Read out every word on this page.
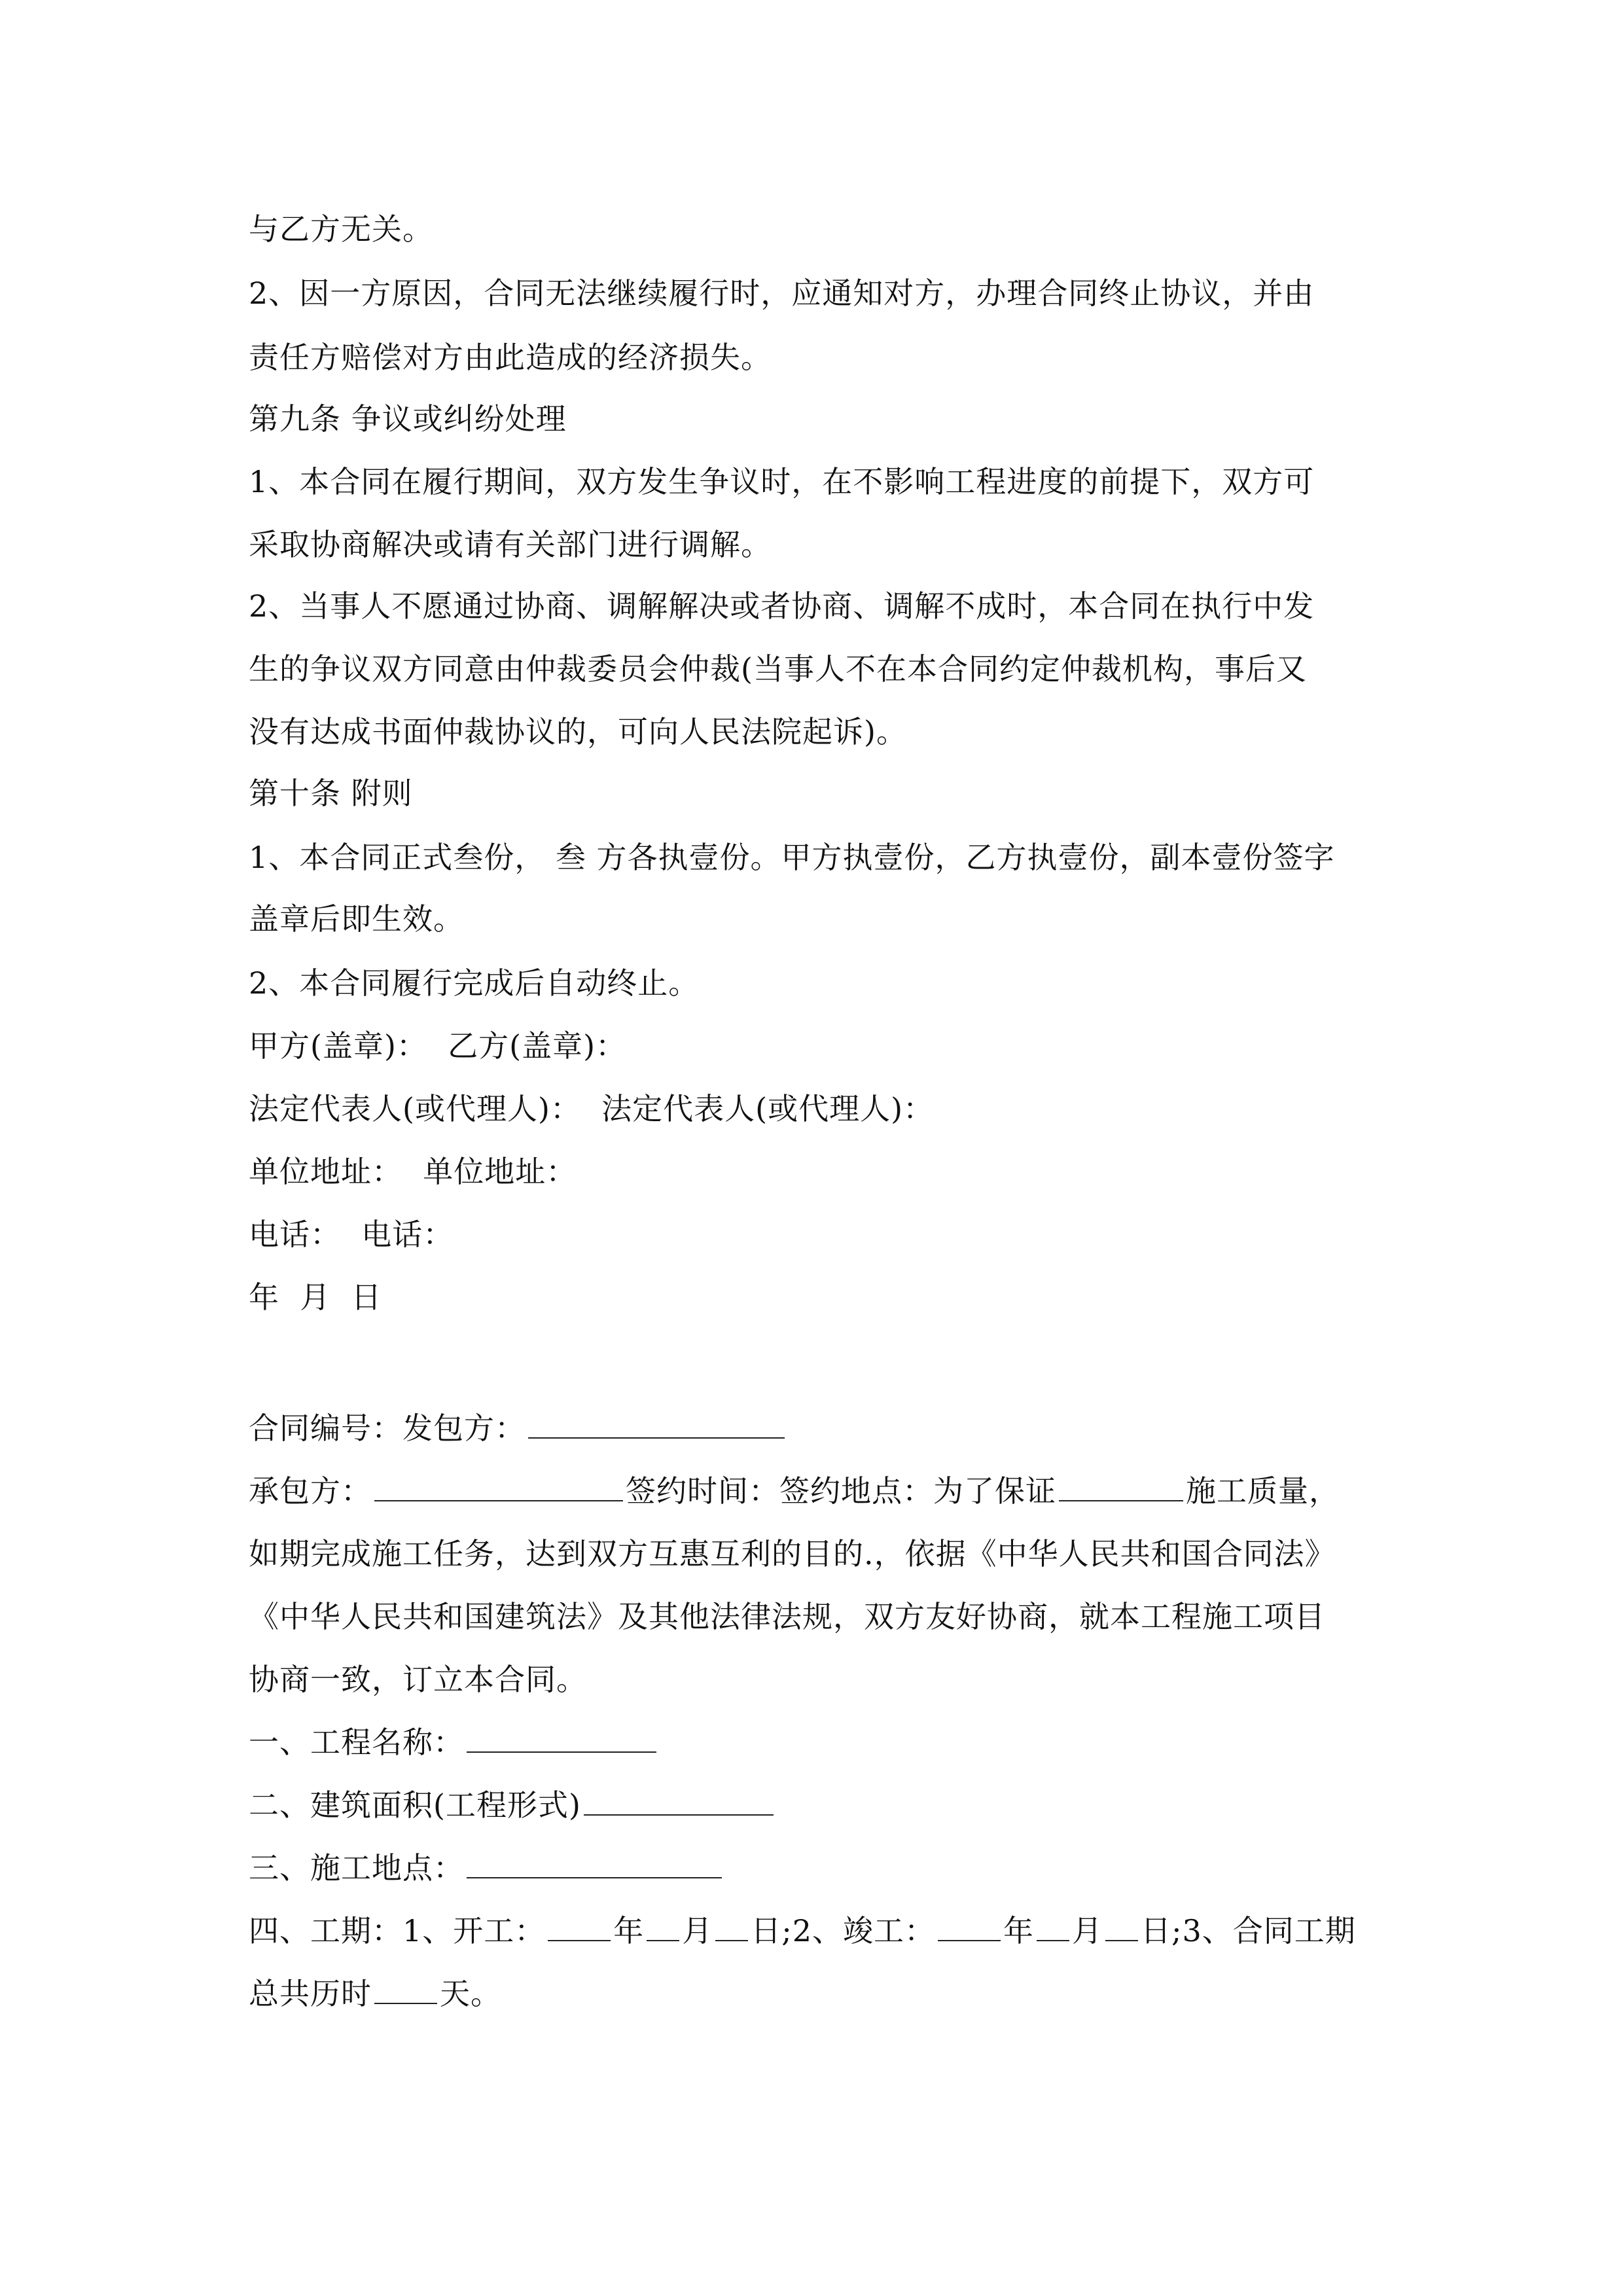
与乙方无关。

2、因一方原因，合同无法继续履行时，应通知对方，办理合同终止协议，并由

责任方赔偿对方由此造成的经济损失。

第九条 争议或纠纷处理

1、本合同在履行期间，双方发生争议时，在不影响工程进度的前提下，双方可

采取协商解决或请有关部门进行调解。

2、当事人不愿通过协商、调解解决或者协商、调解不成时，本合同在执行中发

生的争议双方同意由仲裁委员会仲裁(当事人不在本合同约定仲裁机构，事后又

没有达成书面仲裁协议的，可向人民法院起诉)。

第十条 附则

1、本合同正式叁份， 叁 方各执壹份。甲方执壹份，乙方执壹份，副本壹份签字

盖章后即生效。

2、本合同履行完成后自动终止。

甲方(盖章)： 乙方(盖章)：

法定代表人(或代理人)： 法定代表人(或代理人)：

单位地址： 单位地址：

电话： 电话：

年  月  日

合同编号：发包方：

承包方：	签约时间：签约地点：为了保证	施工质量，

如期完成施工任务，达到双方互惠互利的目的.，依据《中华人民共和国合同法》

《中华人民共和国建筑法》及其他法律法规，双方友好协商，就本工程施工项目

协商一致，订立本合同。

一、工程名称：

二、建筑面积(工程形式)

三、施工地点：

四、工期：1、开工： 年 月 日;2、竣工： 年 月 日;3、合同工期

总共历时 天。
